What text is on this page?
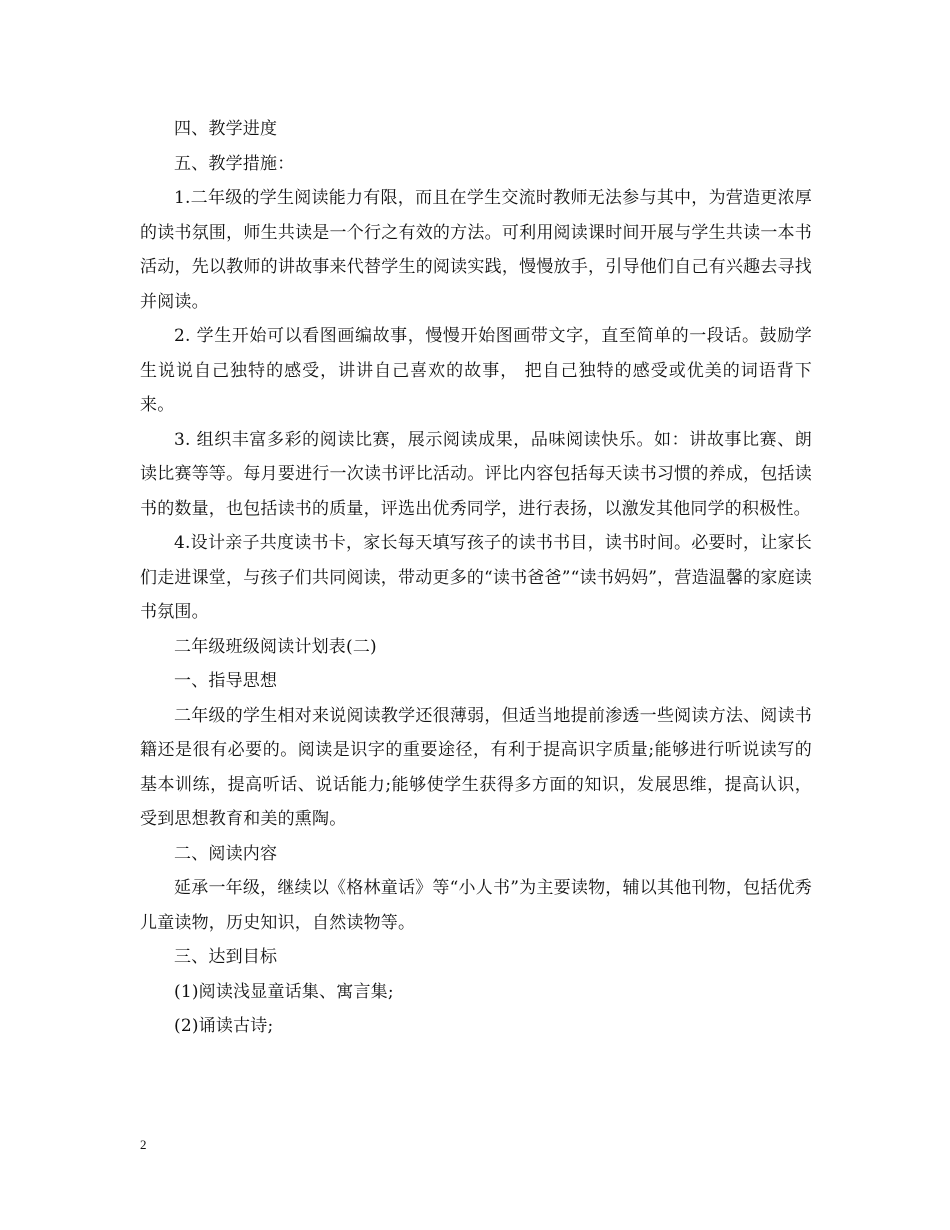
四、教学进度

五、教学措施：

1.二年级的学生阅读能力有限，而且在学生交流时教师无法参与其中，为营造更浓厚的读书氛围，师生共读是一个行之有效的方法。可利用阅读课时间开展与学生共读一本书活动，先以教师的讲故事来代替学生的阅读实践，慢慢放手，引导他们自己有兴趣去寻找并阅读。

2. 学生开始可以看图画编故事，慢慢开始图画带文字，直至简单的一段话。鼓励学生说说自己独特的感受，讲讲自己喜欢的故事， 把自己独特的感受或优美的词语背下来。

3. 组织丰富多彩的阅读比赛，展示阅读成果，品味阅读快乐。如：讲故事比赛、朗读比赛等等。每月要进行一次读书评比活动。评比内容包括每天读书习惯的养成，包括读书的数量，也包括读书的质量，评选出优秀同学，进行表扬，以激发其他同学的积极性。

4.设计亲子共度读书卡，家长每天填写孩子的读书书目，读书时间。必要时，让家长们走进课堂，与孩子们共同阅读，带动更多的“读书爸爸”“读书妈妈”，营造温馨的家庭读书氛围。

二年级班级阅读计划表(二)

一、指导思想

二年级的学生相对来说阅读教学还很薄弱，但适当地提前渗透一些阅读方法、阅读书籍还是很有必要的。阅读是识字的重要途径，有利于提高识字质量;能够进行听说读写的基本训练，提高听话、说话能力;能够使学生获得多方面的知识，发展思维，提高认识，受到思想教育和美的熏陶。

二、阅读内容

延承一年级，继续以《格林童话》等“小人书”为主要读物，辅以其他刊物，包括优秀儿童读物，历史知识，自然读物等。

三、达到目标

(1)阅读浅显童话集、寓言集;

(2)诵读古诗;

2
